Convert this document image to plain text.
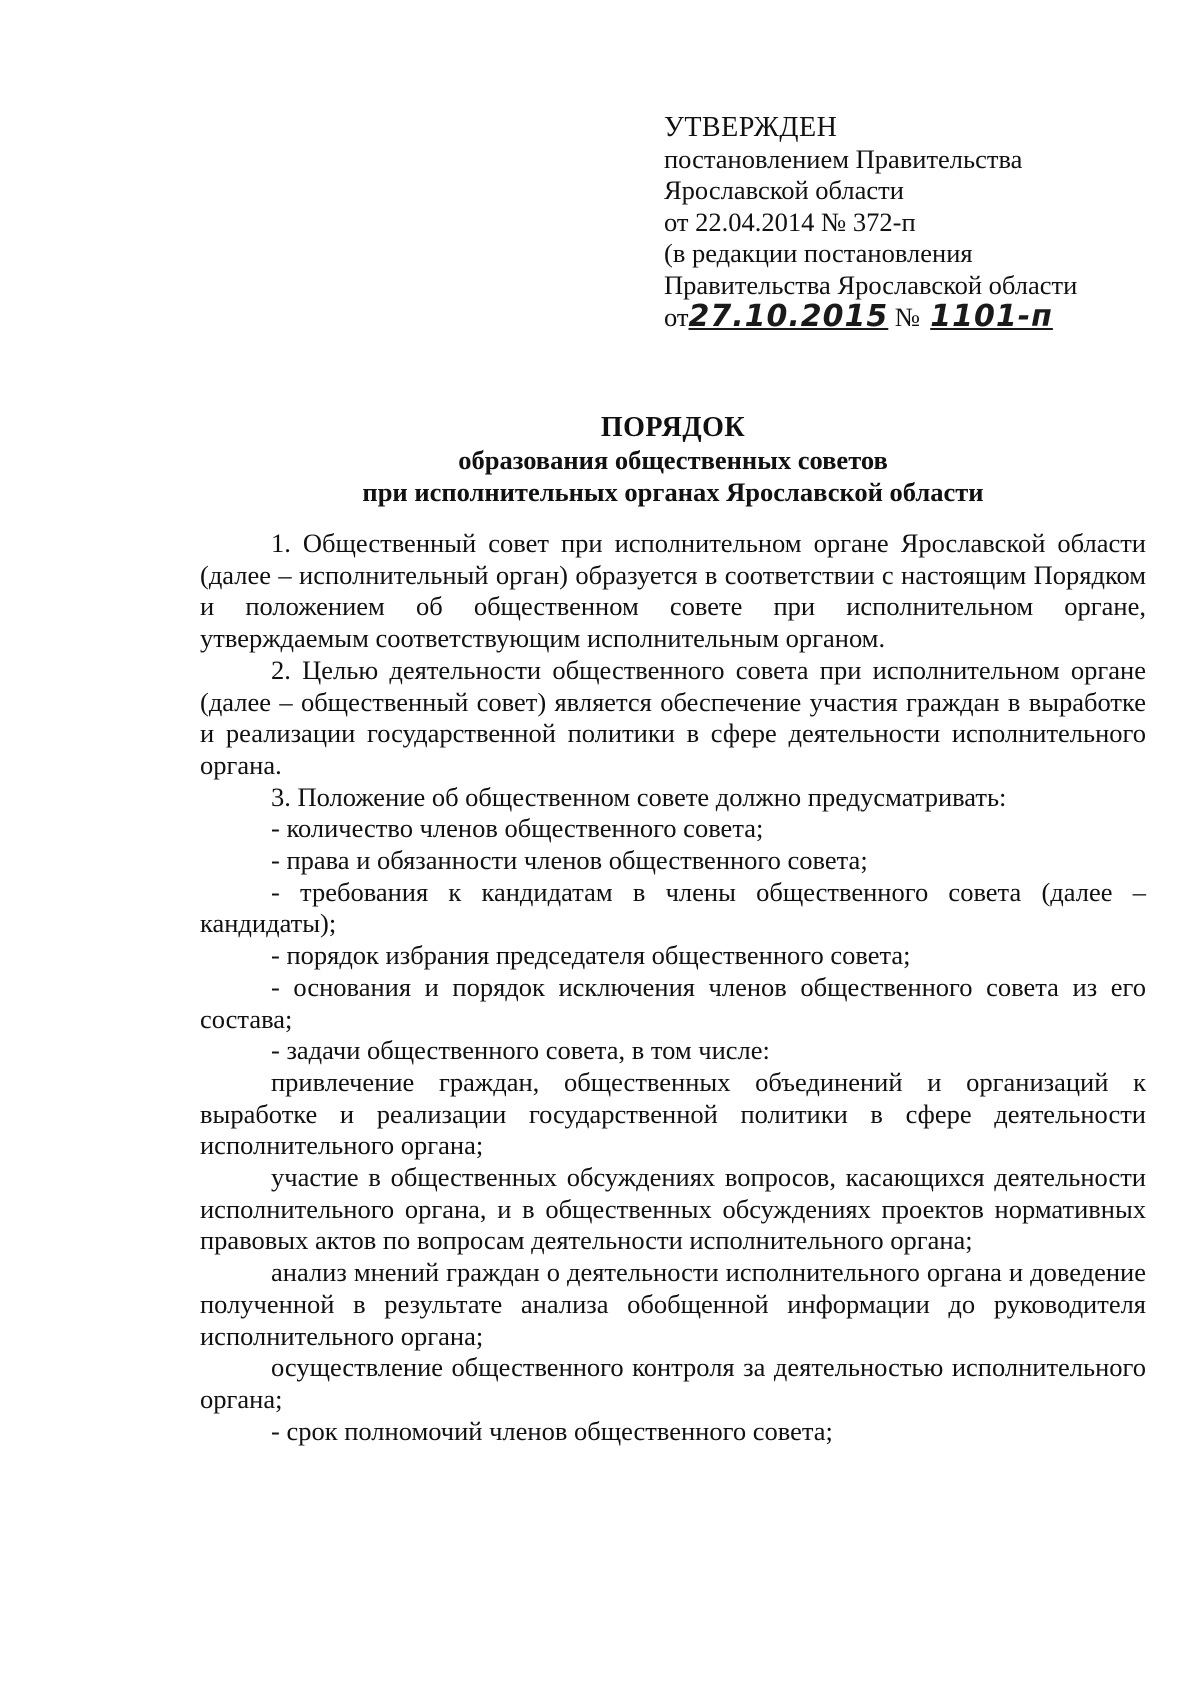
УТВЕРЖДЕН
постановлением Правительства
Ярославской области
от 22.04.2014 № 372-п
(в редакции постановления
Правительства Ярославской области
от27.10.2015 № 1101-п
ПОРЯДОК
образования общественных советов
при исполнительных органах Ярославской области

1. Общественный совет при исполнительном органе Ярославской области (далее – исполнительный орган) образуется в соответствии с настоящим Порядком и положением об общественном совете при исполнительном органе, утверждаемым соответствующим исполнительным органом.

2. Целью деятельности общественного совета при исполнительном органе (далее – общественный совет) является обеспечение участия граждан в выработке и реализации государственной политики в сфере деятельности исполнительного органа.

3. Положение об общественном совете должно предусматривать:

- количество членов общественного совета;

- права и обязанности членов общественного совета;

- требования к кандидатам в члены общественного совета (далее – кандидаты);

- порядок избрания председателя общественного совета;

- основания и порядок исключения членов общественного совета из его состава;

- задачи общественного совета, в том числе:

привлечение граждан, общественных объединений и организаций к выработке и реализации государственной политики в сфере деятельности исполнительного органа;

участие в общественных обсуждениях вопросов, касающихся деятельности исполнительного органа, и в общественных обсуждениях проектов нормативных правовых актов по вопросам деятельности исполнительного органа;

анализ мнений граждан о деятельности исполнительного органа и доведение полученной в результате анализа обобщенной информации до руководителя исполнительного органа;

осуществление общественного контроля за деятельностью исполнительного органа;

- срок полномочий членов общественного совета;
